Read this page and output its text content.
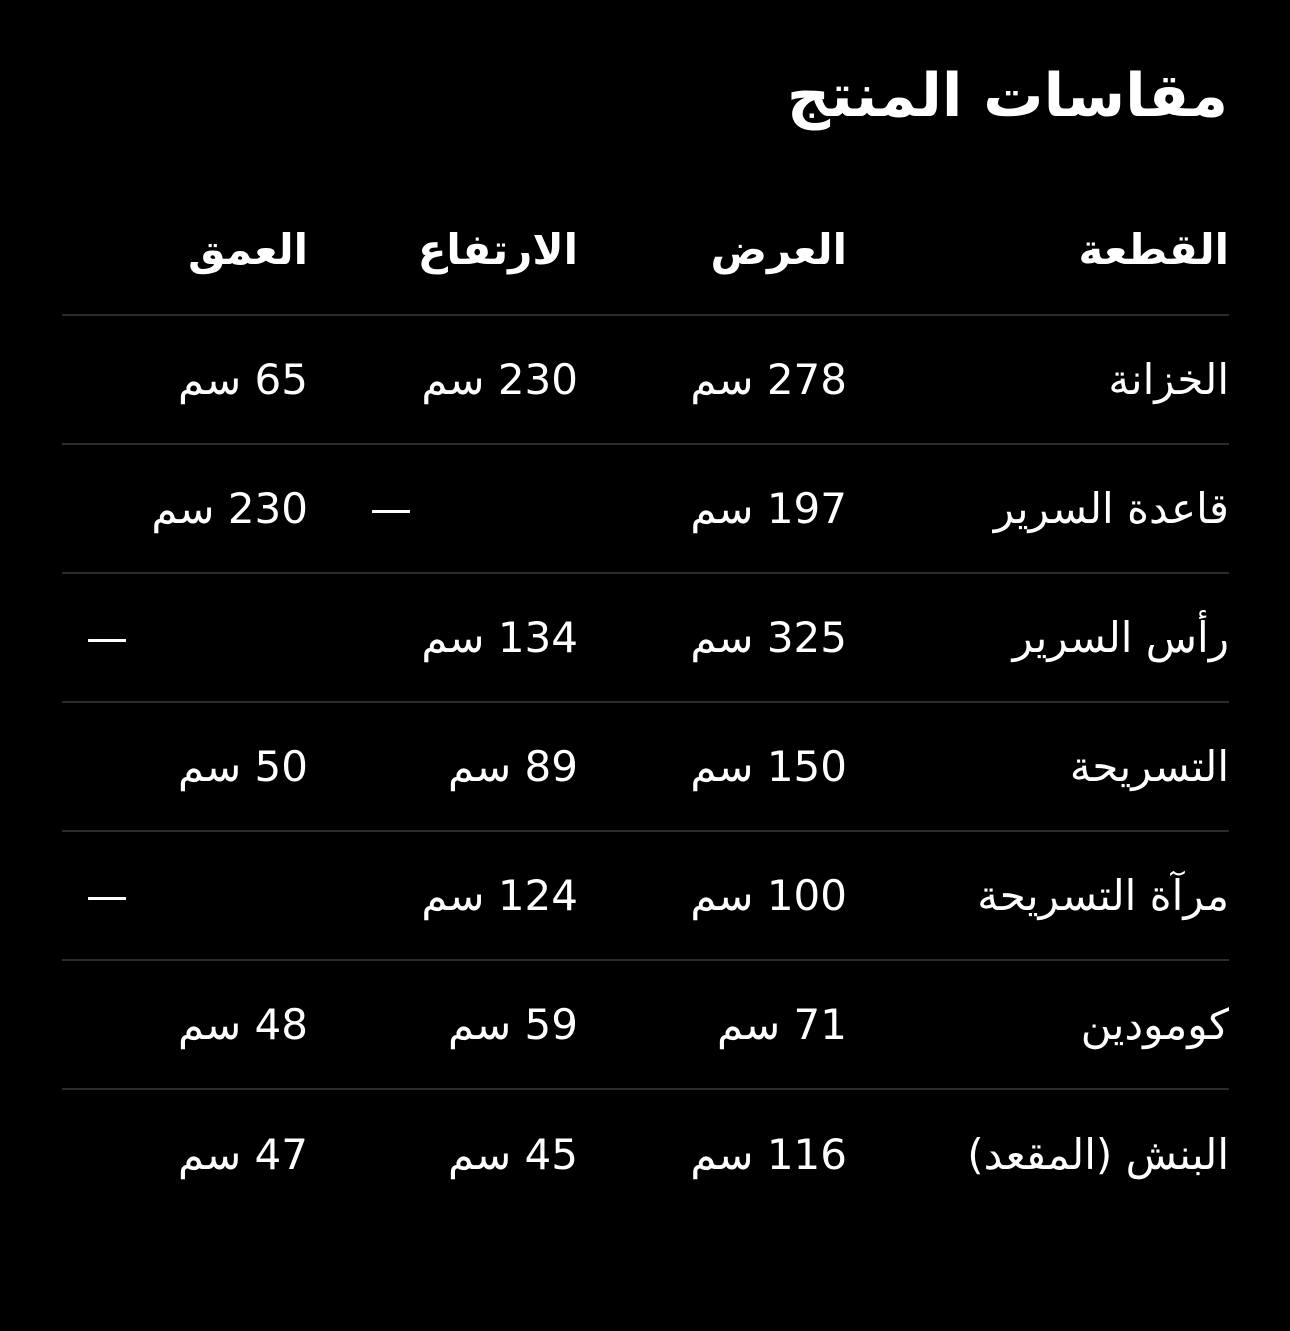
مقاسات المنتج
القطعة
العرض
الارتفاع
العمق
الخزانة
278 سم
230 سم
65 سم
قاعدة السرير
197 سم
—
230 سم
رأس السرير
325 سم
134 سم
—
التسريحة
150 سم
89 سم
50 سم
مرآة التسريحة
100 سم
124 سم
—
كومودين
71 سم
59 سم
48 سم
البنش (المقعد)
116 سم
45 سم
47 سم
